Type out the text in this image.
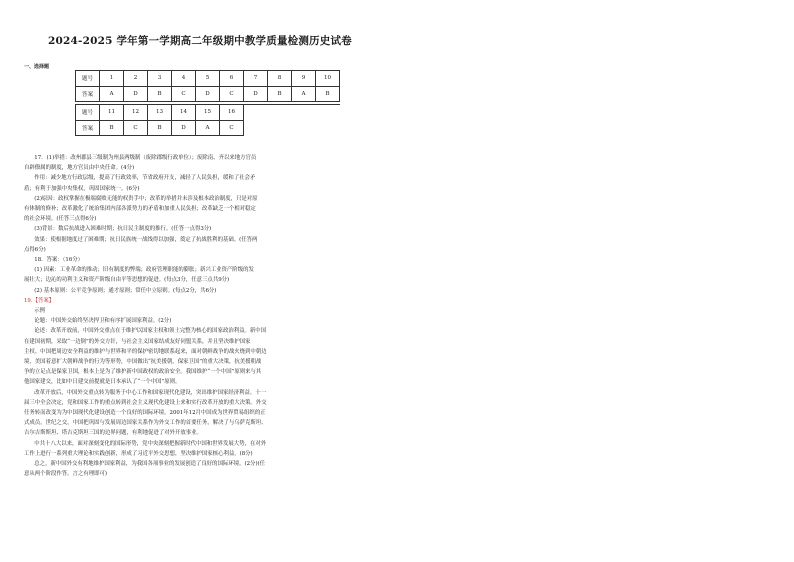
2024-2025 学年第一学期高二年级期中教学质量检测历史试卷
一、选择题
题号	1	2	3	4	5	6	7	8	9	10
答案	A	D	B	C	D	C	D	B	A	B

题号	11	12	13	14	15	16				
答案	B	C	B	D	A	C				

17．(1)举措：改州郡县三级制为州县两级制（废除郡级行政单位）；废除南、齐以来地方官员

自辟僚属的制度，地方官员由中央任命。(4分)

作用：减少地方行政层级，提高了行政效率，节省政府开支，减轻了人民负担，缓和了社会矛

盾；有利于加强中央集权，巩固国家统一。(6分)

(2)原因：政权掌握在极端腐败无能的权贵手中；改革的举措并未涉及根本政治制度，只是对原

有体制的修补；改革激化了统治集团内部各派势力的矛盾和加重人民负担；改革缺乏一个相对稳定

的社会环境。(任答三点得6分)

(3)背景：数后抗战进入困难时期；抗日民主制度的推行。(任答一点得3分)

效果：使根据地度过了困难期；抗日民族统一战线得以加强，奠定了抗战胜利的基础。(任答两

点得6分)

18．答案：（16分）

(1) 因素：工业革命的推动；旧有制度的弊端；政府管理职能的膨胀；新兴工业资产阶级的发

展壮大；边沁的功利主义和资产阶级自由平等思想的促进。(每点3分，任意三点共9分)

(2) 基本原则：公平竞争原则；通才原则；常任中立原则。(每点2分，共6分)

19.【答案】

示例

论题：中国外交始终坚决捍卫和有序扩展国家利益。(2分)

论述：改革开放前，中国外交重点在于维护以国家主权和领土完整为核心的国家政治利益。新中国

在建国初期，采取“一边倒”的外交方针，与社会主义国家结成友好同盟关系，并且坚决维护国家

主权。中国把周边安全利益的维护与世界和平的保护密切地联系起来，面对朝鲜战争的战火烧到中朝边

境，美国着意扩大朝鲜战争的行为等形势，中国做出“抗美援朝，保家卫国”的重大决策，抗美援朝战

争的立足点是保家卫国，根本上是为了维护新中国政权的政治安全。我国维护“一个中国”原则来与其

他国家建交，比如中日建交前提就是日本承认了“一个中国”原则。

改革开放后，中国外交重点转为服务于中心工作和国家现代化建设，突出维护国家经济利益。十一

届三中全会决定，党和国家工作的重点转到社会主义现代化建设上来和实行改革开放的重大决策。外交

任务转而改变为为中国现代化建设创造一个良好的国际环境。2001年12月中国成为世界贸易组织的正

式成员。世纪之交，中国把巩固与发展周边国家关系作为外交工作的首要任务，解决了与乌萨克斯坦、

吉尔吉斯斯坦、塔吉克斯坦三国的边界问题，有利地促进了对外开放事业。

中共十八大以来，面对深刻变化的国际形势，党中央深刻把握新时代中国和世界发展大势，在对外

工作上进行一系列重大理论和实践创新，形成了习近平外交思想，坚决维护国家核心利益。(8分)

总之，新中国外交有利地维护国家利益，为我国各项事业的发展创造了良好的国际环境。(2分)(任

意从两个阶段作答，言之有理即可)
